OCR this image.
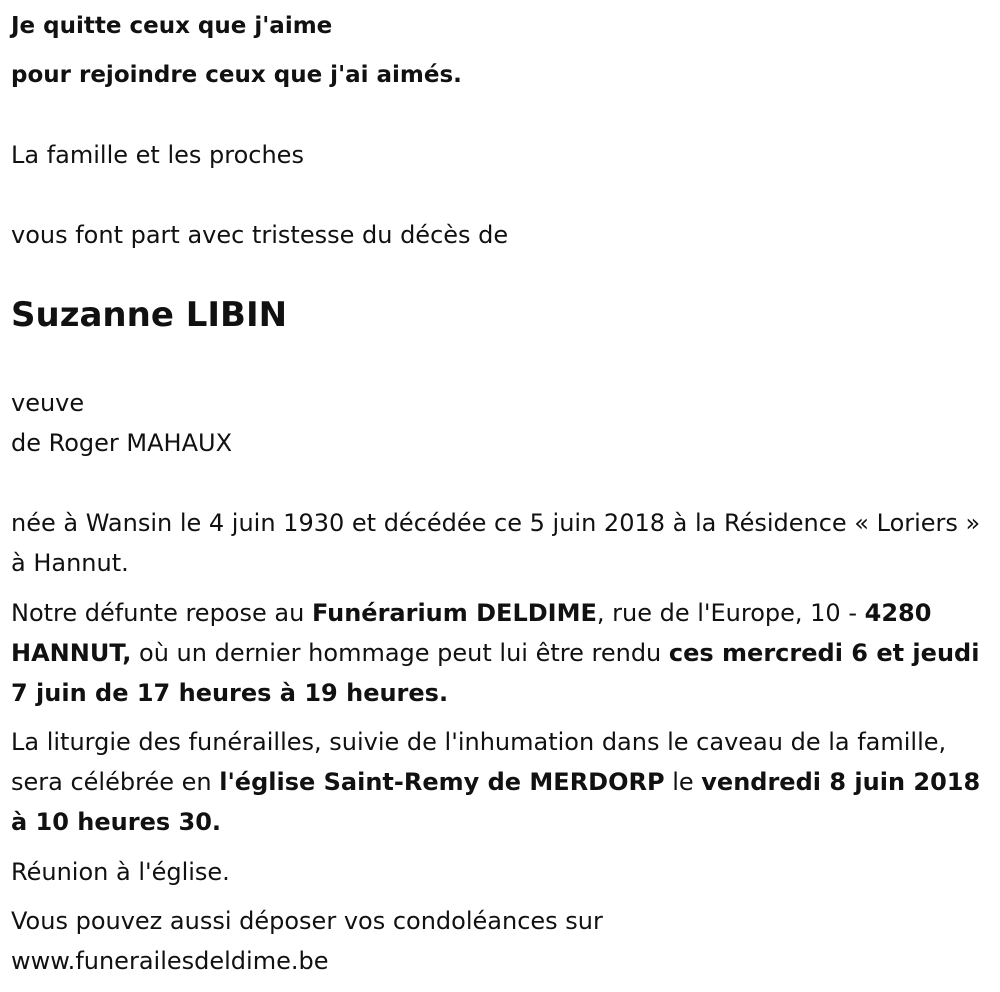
Je quitte ceux que j'aime
pour rejoindre ceux que j'ai aimés.
La famille et les proches
vous font part avec tristesse du décès de
Suzanne LIBIN
veuve
de Roger MAHAUX
née à Wansin le 4 juin 1930 et décédée ce 5 juin 2018 à la Résidence « Loriers » à Hannut.
Notre défunte repose au Funérarium DELDIME, rue de l'Europe, 10 - 4280 HANNUT, où un dernier hommage peut lui être rendu ces mercredi 6 et jeudi 7 juin de 17 heures à 19 heures.
La liturgie des funérailles, suivie de l'inhumation dans le caveau de la famille, sera célébrée en l'église Saint-Remy de MERDORP le vendredi 8 juin 2018 à 10 heures 30.
Réunion à l'église.
Vous pouvez aussi déposer vos condoléances sur
www.funerailesdeldime.be
